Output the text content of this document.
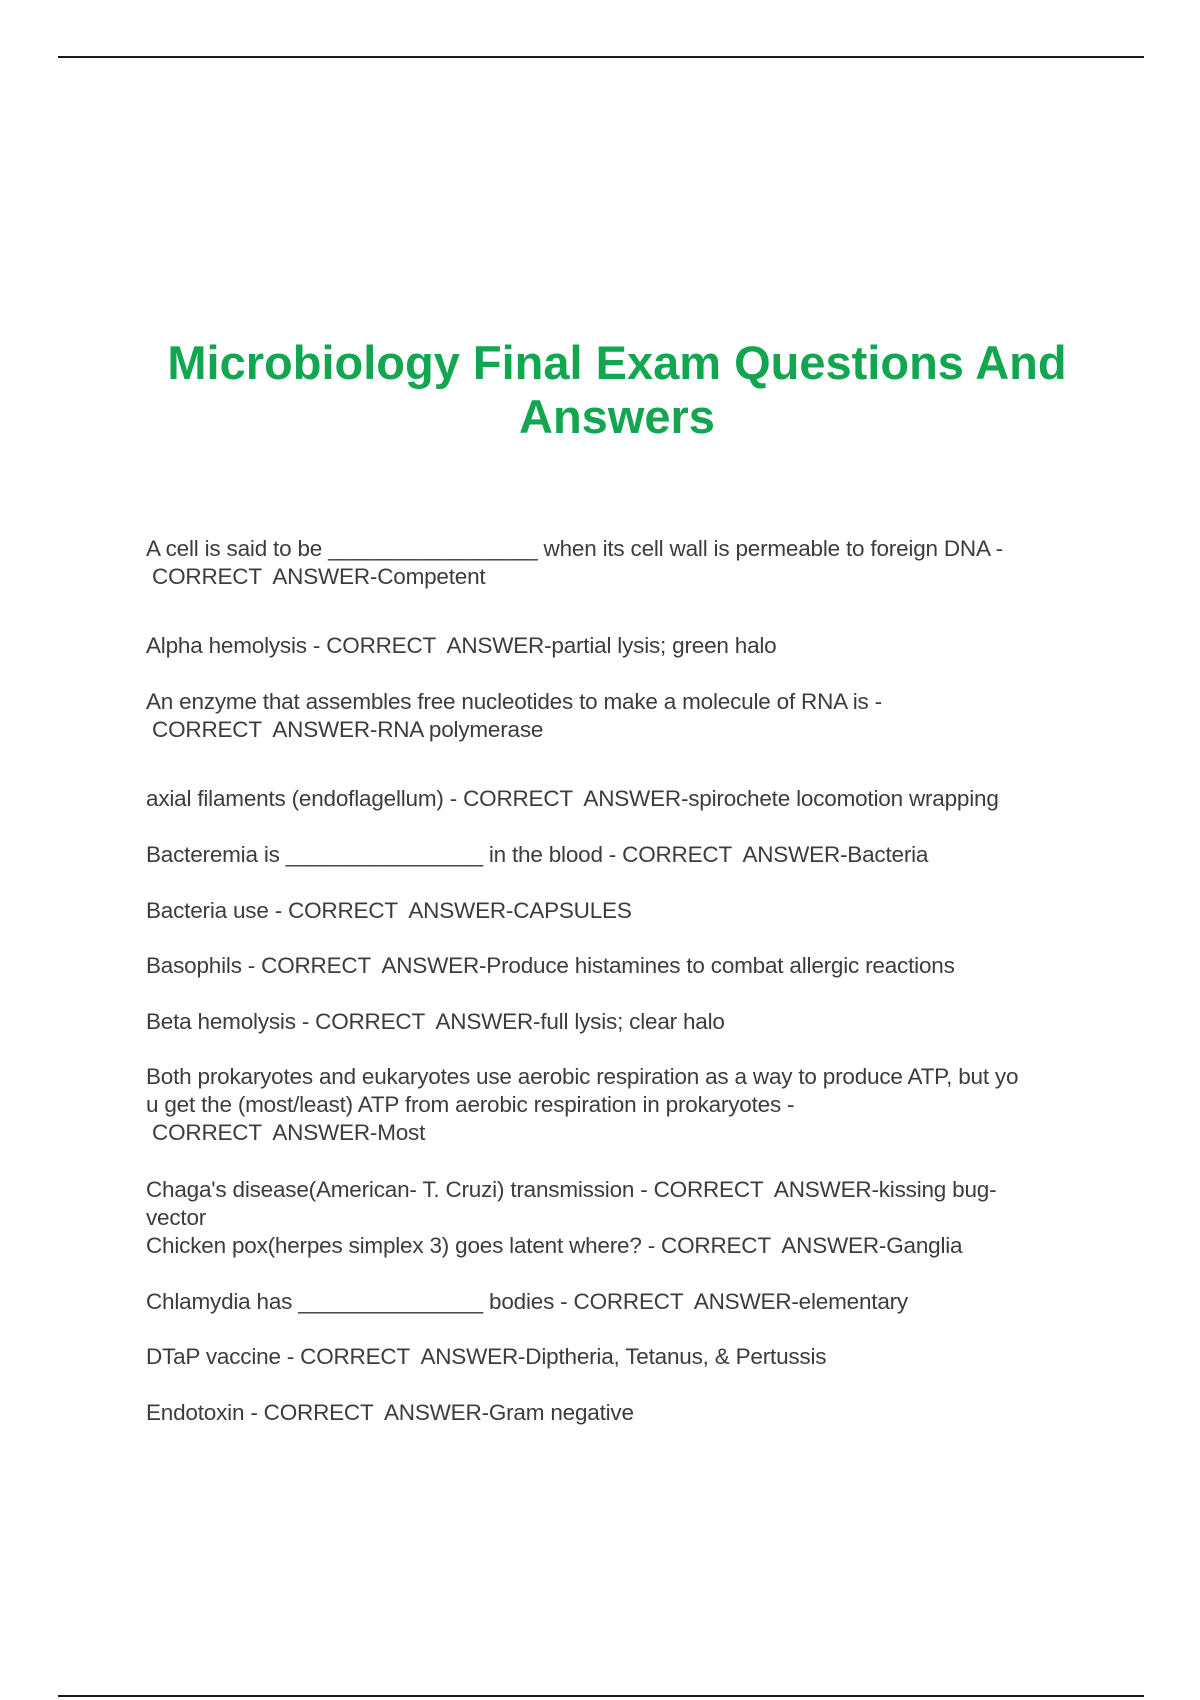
Microbiology Final Exam Questions And
Answers

A cell is said to be _________________ when its cell wall is permeable to foreign DNA -
CORRECT  ANSWER-Competent

Alpha hemolysis - CORRECT  ANSWER-partial lysis; green halo

An enzyme that assembles free nucleotides to make a molecule of RNA is -
CORRECT  ANSWER-RNA polymerase

axial filaments (endoflagellum) - CORRECT  ANSWER-spirochete locomotion wrapping

Bacteremia is ________________ in the blood - CORRECT  ANSWER-Bacteria

Bacteria use - CORRECT  ANSWER-CAPSULES

Basophils - CORRECT  ANSWER-Produce histamines to combat allergic reactions

Beta hemolysis - CORRECT  ANSWER-full lysis; clear halo

Both prokaryotes and eukaryotes use aerobic respiration as a way to produce ATP, but yo
u get the (most/least) ATP from aerobic respiration in prokaryotes -
CORRECT  ANSWER-Most

Chaga's disease(American- T. Cruzi) transmission - CORRECT  ANSWER-kissing bug-
vector

Chicken pox(herpes simplex 3) goes latent where? - CORRECT  ANSWER-Ganglia

Chlamydia has _______________ bodies - CORRECT  ANSWER-elementary

DTaP vaccine - CORRECT  ANSWER-Diptheria, Tetanus, & Pertussis

Endotoxin - CORRECT  ANSWER-Gram negative
